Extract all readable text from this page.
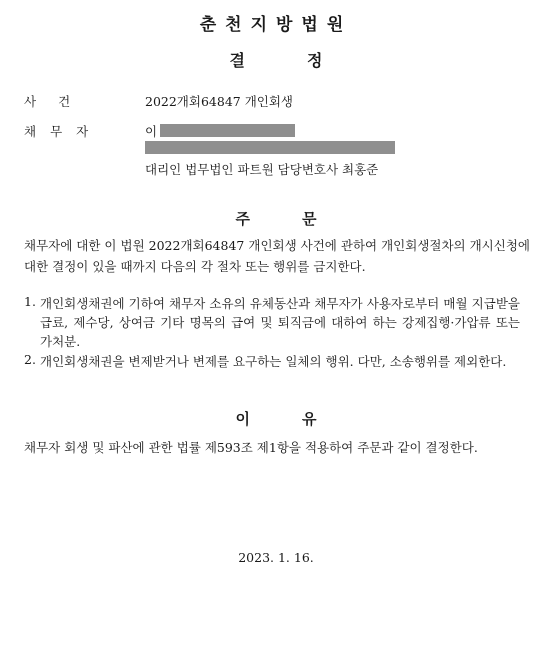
춘천지방법원
결정
사건	2022개회64847 개인회생
채무자	이
대리인 법무법인 파트원 담당변호사 최홍준
주문
채무자에 대한 이 법원 2022개회64847 개인회생 사건에 관하여 개인회생절차의 개시신청에 대한 결정이 있을 때까지 다음의 각 절차 또는 행위를 금지한다.
1. 개인회생채권에 기하여 채무자 소유의 유체동산과 채무자가 사용자로부터 매월 지급받을 급료, 제수당, 상여금 기타 명목의 급여 및 퇴직금에 대하여 하는 강제집행·가압류 또는 가처분.
2. 개인회생채권을 변제받거나 변제를 요구하는 일체의 행위. 다만, 소송행위를 제외한다.
이유
채무자 회생 및 파산에 관한 법률 제593조 제1항을 적용하여 주문과 같이 결정한다.
2023. 1. 16.
